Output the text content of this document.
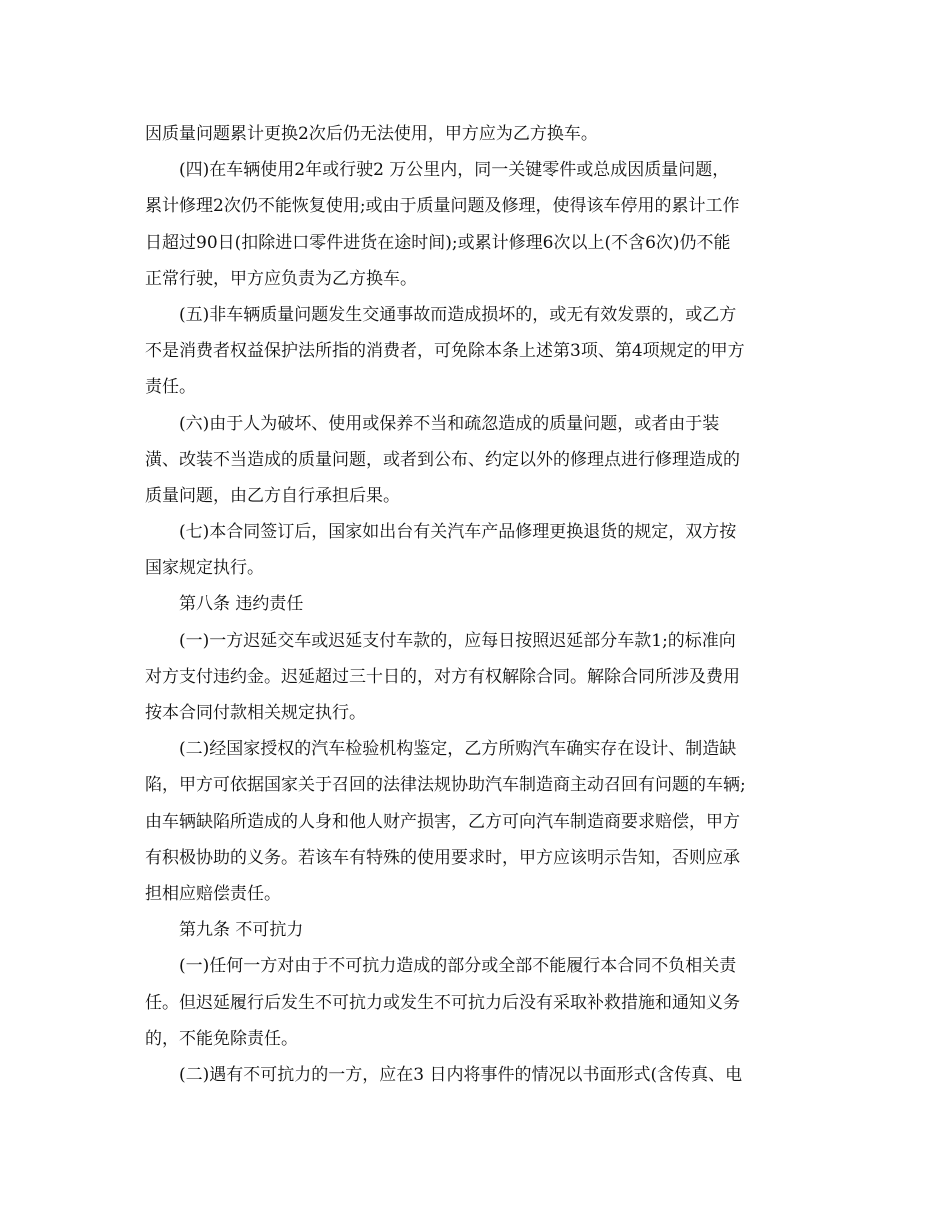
因质量问题累计更换2次后仍无法使用，甲方应为乙方换车。
(四)在车辆使用2年或行驶2 万公里内，同一关键零件或总成因质量问题，
累计修理2次仍不能恢复使用;或由于质量问题及修理，使得该车停用的累计工作
日超过90日(扣除进口零件进货在途时间);或累计修理6次以上(不含6次)仍不能
正常行驶，甲方应负责为乙方换车。
(五)非车辆质量问题发生交通事故而造成损坏的，或无有效发票的，或乙方
不是消费者权益保护法所指的消费者，可免除本条上述第3项、第4项规定的甲方
责任。
(六)由于人为破坏、使用或保养不当和疏忽造成的质量问题，或者由于装
潢、改装不当造成的质量问题，或者到公布、约定以外的修理点进行修理造成的
质量问题，由乙方自行承担后果。
(七)本合同签订后，国家如出台有关汽车产品修理更换退货的规定，双方按
国家规定执行。
第八条 违约责任
(一)一方迟延交车或迟延支付车款的，应每日按照迟延部分车款1;的标准向
对方支付违约金。迟延超过三十日的，对方有权解除合同。解除合同所涉及费用
按本合同付款相关规定执行。
(二)经国家授权的汽车检验机构鉴定，乙方所购汽车确实存在设计、制造缺
陷，甲方可依据国家关于召回的法律法规协助汽车制造商主动召回有问题的车辆;
由车辆缺陷所造成的人身和他人财产损害，乙方可向汽车制造商要求赔偿，甲方
有积极协助的义务。若该车有特殊的使用要求时，甲方应该明示告知，否则应承
担相应赔偿责任。
第九条 不可抗力
(一)任何一方对由于不可抗力造成的部分或全部不能履行本合同不负相关责
任。但迟延履行后发生不可抗力或发生不可抗力后没有采取补救措施和通知义务
的，不能免除责任。
(二)遇有不可抗力的一方，应在3 日内将事件的情况以书面形式(含传真、电
